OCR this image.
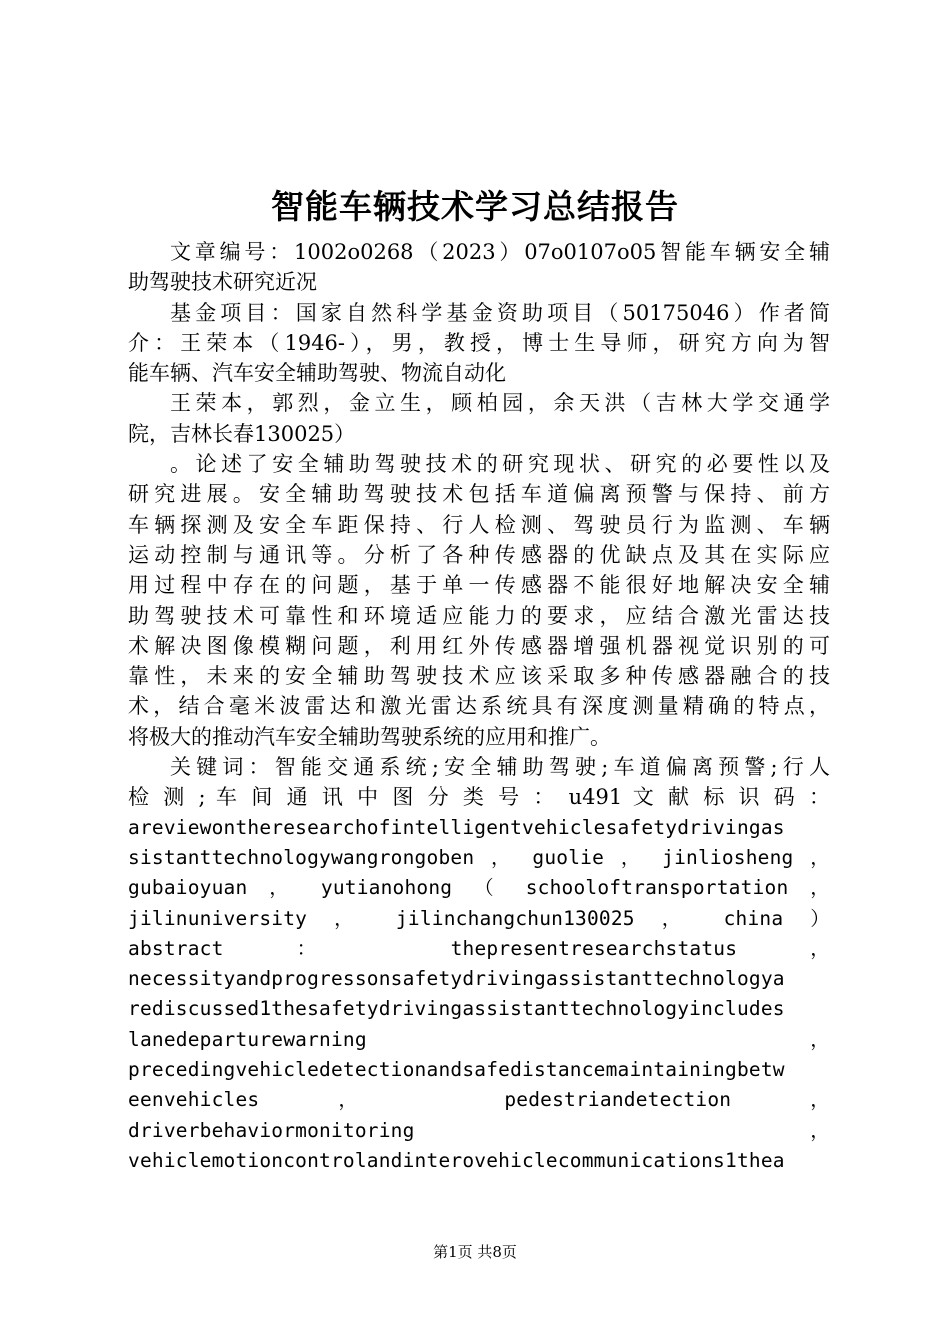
智能车辆技术学习总结报告
文章编号：1002o0268（2023）07o0107o05智能车辆安全辅
助驾驶技术研究近况
基金项目：国家自然科学基金资助项目（50175046）作者简
介：王荣本（1946-），男，教授，博士生导师，研究方向为智
能车辆、汽车安全辅助驾驶、物流自动化
王荣本，郭烈，金立生，顾柏园，余天洪（吉林大学交通学
院，吉林长春130025）
。论述了安全辅助驾驶技术的研究现状、研究的必要性以及
研究进展。安全辅助驾驶技术包括车道偏离预警与保持、前方
车辆探测及安全车距保持、行人检测、驾驶员行为监测、车辆
运动控制与通讯等。分析了各种传感器的优缺点及其在实际应
用过程中存在的问题，基于单一传感器不能很好地解决安全辅
助驾驶技术可靠性和环境适应能力的要求，应结合激光雷达技
术解决图像模糊问题，利用红外传感器增强机器视觉识别的可
靠性，未来的安全辅助驾驶技术应该采取多种传感器融合的技
术，结合毫米波雷达和激光雷达系统具有深度测量精确的特点，
将极大的推动汽车安全辅助驾驶系统的应用和推广。
关键词：智能交通系统;安全辅助驾驶;车道偏离预警;行人
检 测 ; 车 间 通 讯 中 图 分 类 号 ： u491 文 献 标 识 码 ：
areviewontheresearchofintelligentvehiclesafetydrivingas
sistanttechnologywangrongoben ， guolie ， jinliosheng ，
gubaioyuan ， yutianohong （ schooloftransportation ，
jilinuniversity ， jilinchangchun130025 ， china ）
abstract ： thepresentresearchstatus ，
necessityandprogressonsafetydrivingassistanttechnologya
rediscussed1thesafetydrivingassistanttechnologyincludes
lanedeparturewarning ，
precedingvehicledetectionandsafedistancemaintainingbetw
eenvehicles ， pedestriandetection ，
driverbehaviormonitoring ，
vehiclemotioncontrolandinterovehiclecommunications1thea
第1页 共8页
